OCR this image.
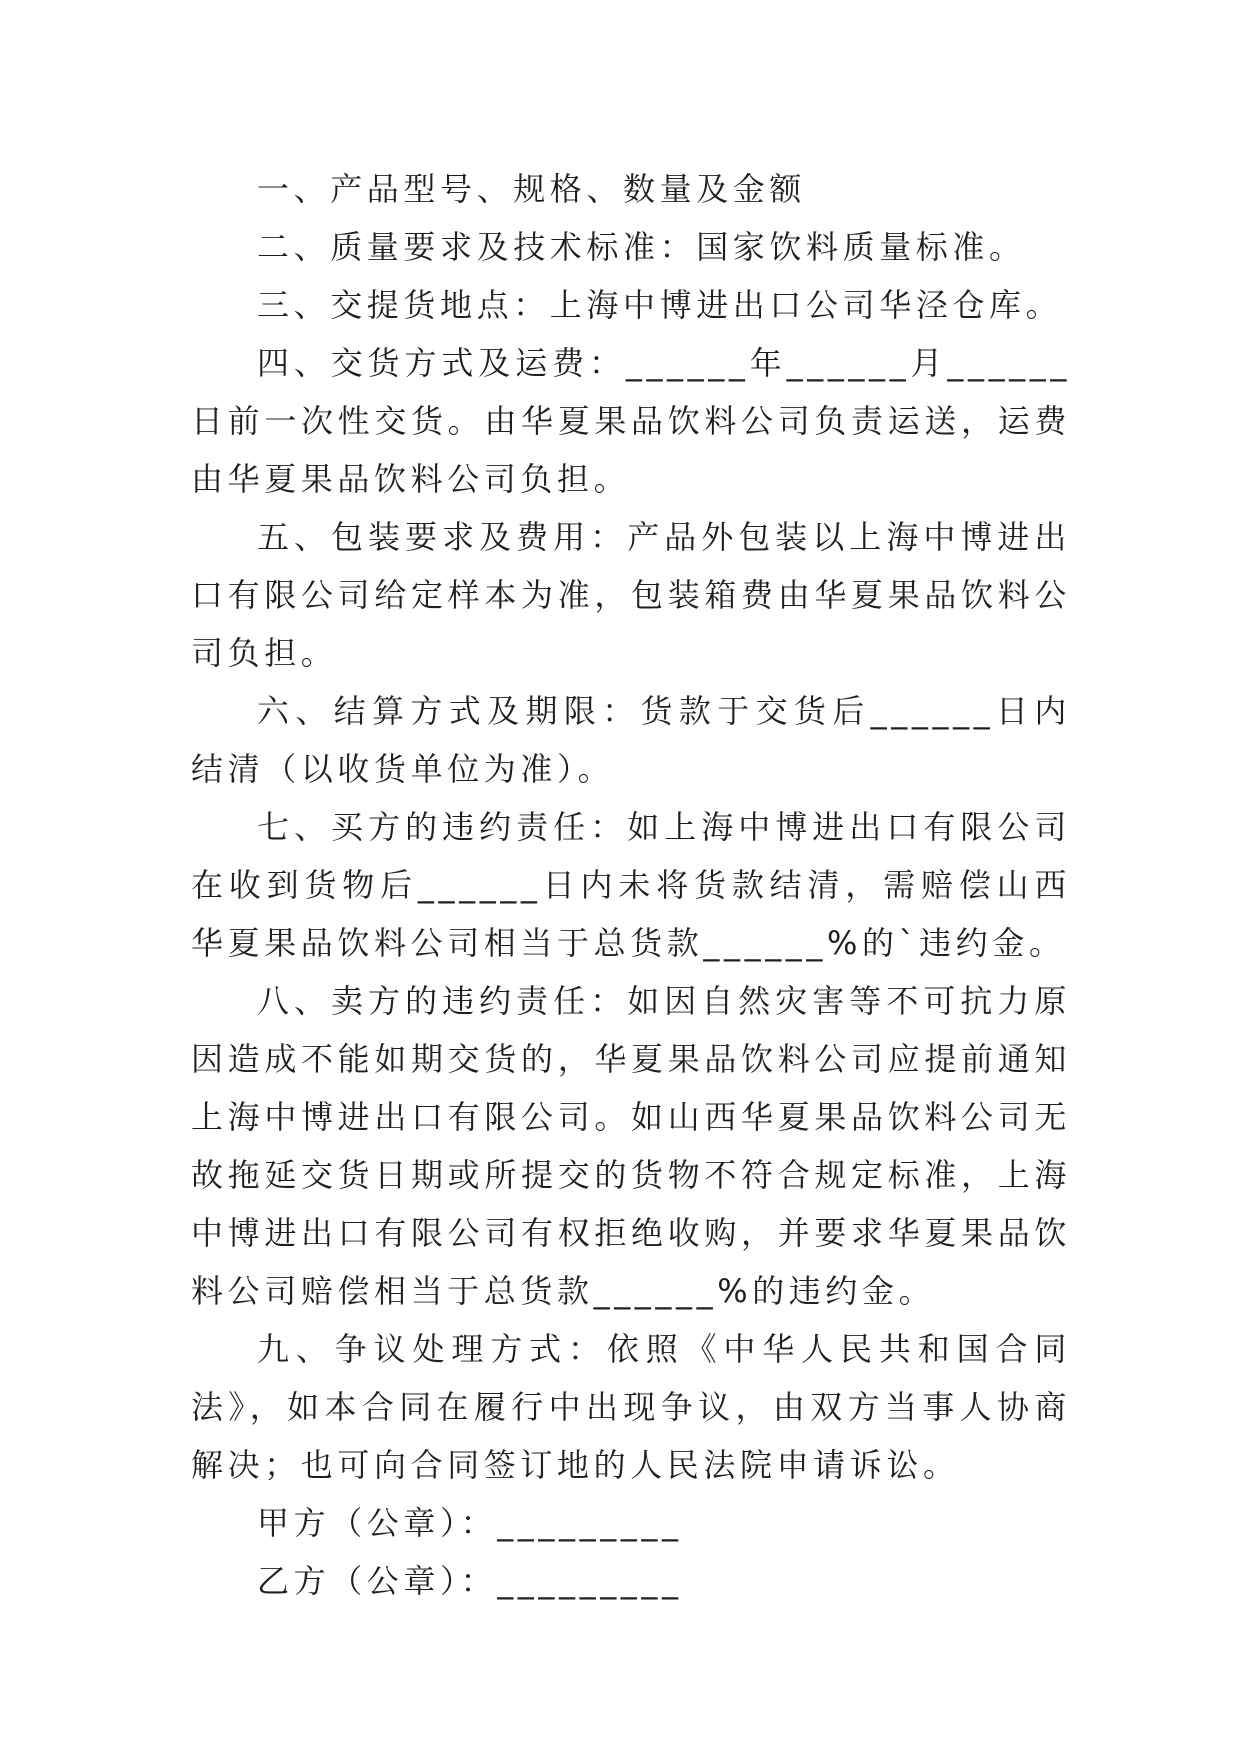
一、产品型号、规格、数量及金额

二、质量要求及技术标准：国家饮料质量标准。

三、交提货地点：上海中博进出口公司华泾仓库。

四、交货方式及运费：______年______月______日前一次性交货。由华夏果品饮料公司负责运送，运费由华夏果品饮料公司负担。

五、包装要求及费用：产品外包装以上海中博进出口有限公司给定样本为准，包装箱费由华夏果品饮料公司负担。

六、结算方式及期限：货款于交货后______日内结清（以收货单位为准）。

七、买方的违约责任：如上海中博进出口有限公司在收到货物后______日内未将货款结清，需赔偿山西华夏果品饮料公司相当于总货款______%的`违约金。

八、卖方的违约责任：如因自然灾害等不可抗力原因造成不能如期交货的，华夏果品饮料公司应提前通知上海中博进出口有限公司。如山西华夏果品饮料公司无故拖延交货日期或所提交的货物不符合规定标准，上海中博进出口有限公司有权拒绝收购，并要求华夏果品饮料公司赔偿相当于总货款______%的违约金。

九、争议处理方式：依照《中华人民共和国合同法》，如本合同在履行中出现争议，由双方当事人协商解决；也可向合同签订地的人民法院申请诉讼。

甲方（公章）：_________

乙方（公章）：_________
